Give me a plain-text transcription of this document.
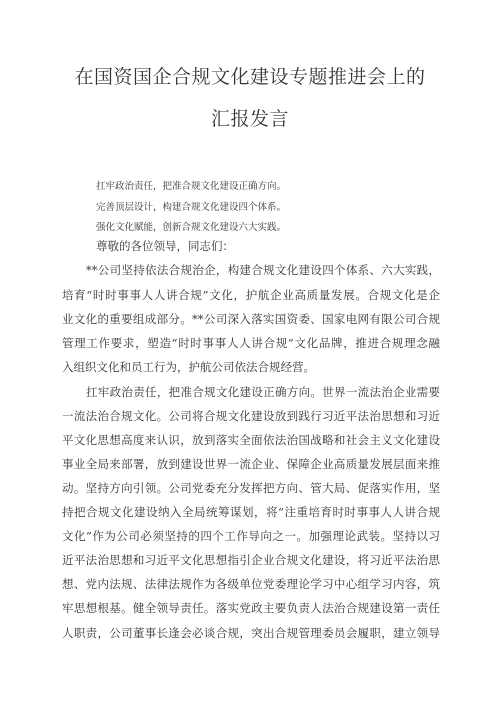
在国资国企合规文化建设专题推进会上的
汇报发言
扛牢政治责任，把准合规文化建设正确方向。
完善顶层设计，构建合规文化建设四个体系。
强化文化赋能，创新合规文化建设六大实践。
尊敬的各位领导，同志们：
**公司坚持依法合规治企，构建合规文化建设四个体系、六大实践，
培育“时时事事人人讲合规”文化，护航企业高质量发展。合规文化是企
业文化的重要组成部分。**公司深入落实国资委、国家电网有限公司合规
管理工作要求，塑造“时时事事人人讲合规”文化品牌，推进合规理念融
入组织文化和员工行为，护航公司依法合规经营。
扛牢政治责任，把准合规文化建设正确方向。世界一流法治企业需要
一流法治合规文化。公司将合规文化建设放到践行习近平法治思想和习近
平文化思想高度来认识，放到落实全面依法治国战略和社会主义文化建设
事业全局来部署，放到建设世界一流企业、保障企业高质量发展层面来推
动。坚持方向引领。公司党委充分发挥把方向、管大局、促落实作用，坚
持把合规文化建设纳入全局统筹谋划，将“注重培育时时事事人人讲合规
文化”作为公司必须坚持的四个工作导向之一。加强理论武装。坚持以习
近平法治思想和习近平文化思想指引企业合规文化建设，将习近平法治思
想、党内法规、法律法规作为各级单位党委理论学习中心组学习内容，筑
牢思想根基。健全领导责任。落实党政主要负责人法治合规建设第一责任
人职责，公司董事长逢会必谈合规，突出合规管理委员会履职，建立领导
